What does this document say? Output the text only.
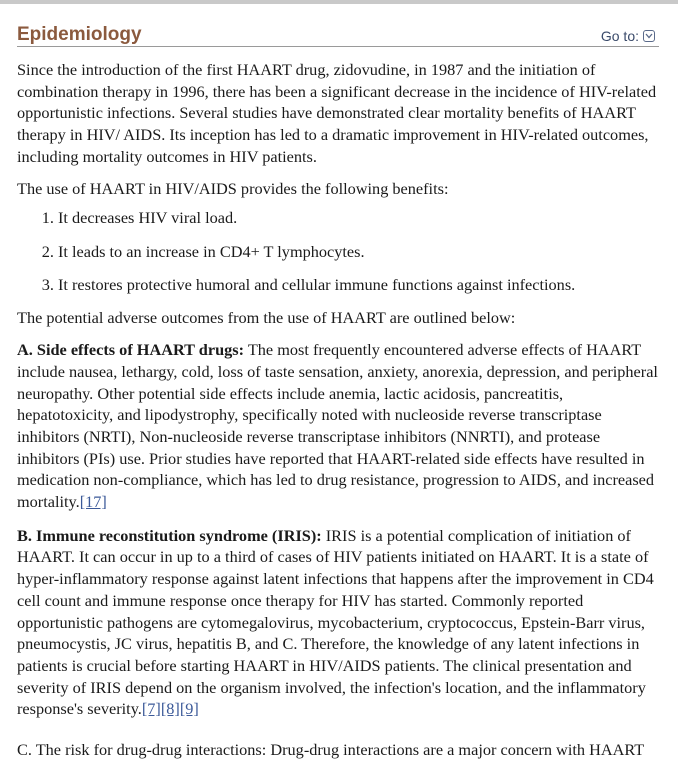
Epidemiology	Go to:

Since the introduction of the first HAART drug, zidovudine, in 1987 and the initiation of combination therapy in 1996, there has been a significant decrease in the incidence of HIV-related opportunistic infections. Several studies have demonstrated clear mortality benefits of HAART therapy in HIV/ AIDS. Its inception has led to a dramatic improvement in HIV-related outcomes, including mortality outcomes in HIV patients.

The use of HAART in HIV/AIDS provides the following benefits:

1. It decreases HIV viral load.
2. It leads to an increase in CD4+ T lymphocytes.
3. It restores protective humoral and cellular immune functions against infections.

The potential adverse outcomes from the use of HAART are outlined below:

A. Side effects of HAART drugs: The most frequently encountered adverse effects of HAART include nausea, lethargy, cold, loss of taste sensation, anxiety, anorexia, depression, and peripheral neuropathy. Other potential side effects include anemia, lactic acidosis, pancreatitis, hepatotoxicity, and lipodystrophy, specifically noted with nucleoside reverse transcriptase inhibitors (NRTI), Non-nucleoside reverse transcriptase inhibitors (NNRTI), and protease inhibitors (PIs) use. Prior studies have reported that HAART-related side effects have resulted in medication non-compliance, which has led to drug resistance, progression to AIDS, and increased mortality.[17]

B. Immune reconstitution syndrome (IRIS): IRIS is a potential complication of initiation of HAART. It can occur in up to a third of cases of HIV patients initiated on HAART. It is a state of hyper-inflammatory response against latent infections that happens after the improvement in CD4 cell count and immune response once therapy for HIV has started. Commonly reported opportunistic pathogens are cytomegalovirus, mycobacterium, cryptococcus, Epstein-Barr virus, pneumocystis, JC virus, hepatitis B, and C. Therefore, the knowledge of any latent infections in patients is crucial before starting HAART in HIV/AIDS patients. The clinical presentation and severity of IRIS depend on the organism involved, the infection's location, and the inflammatory response's severity.[7][8][9]

C. The risk for drug-drug interactions: Drug-drug interactions are a major concern with HAART
